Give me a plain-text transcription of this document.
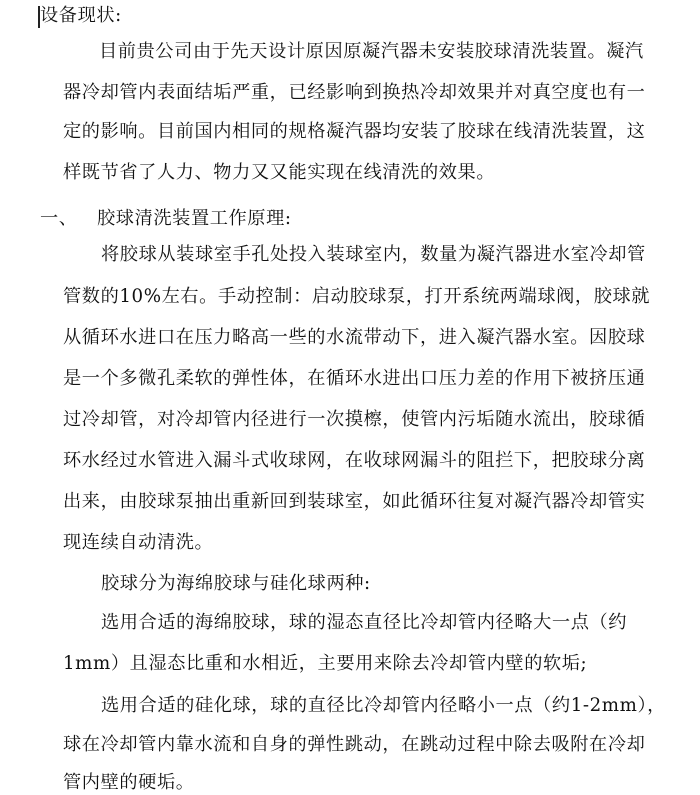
设备现状:

目前贵公司由于先天设计原因原凝汽器未安装胶球清洗装置。凝汽

器冷却管内表面结垢严重，已经影响到换热冷却效果并对真空度也有一

定的影响。目前国内相同的规格凝汽器均安装了胶球在线清洗装置，这

样既节省了人力、物力又又能实现在线清洗的效果。

一、 胶球清洗装置工作原理:

将胶球从装球室手孔处投入装球室内，数量为凝汽器进水室冷却管

管数的10%左右。手动控制：启动胶球泵，打开系统两端球阀，胶球就

从循环水进口在压力略高一些的水流带动下，进入凝汽器水室。因胶球

是一个多微孔柔软的弹性体，在循环水进出口压力差的作用下被挤压通

过冷却管，对冷却管内径进行一次摸檫，使管内污垢随水流出，胶球循

环水经过水管进入漏斗式收球网，在收球网漏斗的阻拦下，把胶球分离

出来，由胶球泵抽出重新回到装球室，如此循环往复对凝汽器冷却管实

现连续自动清洗。

胶球分为海绵胶球与硅化球两种:

选用合适的海绵胶球，球的湿态直径比冷却管内径略大一点（约

1mm）且湿态比重和水相近，主要用来除去冷却管内壁的软垢;

选用合适的硅化球，球的直径比冷却管内径略小一点（约1-2mm），

球在冷却管内靠水流和自身的弹性跳动，在跳动过程中除去吸附在冷却

管内壁的硬垢。
